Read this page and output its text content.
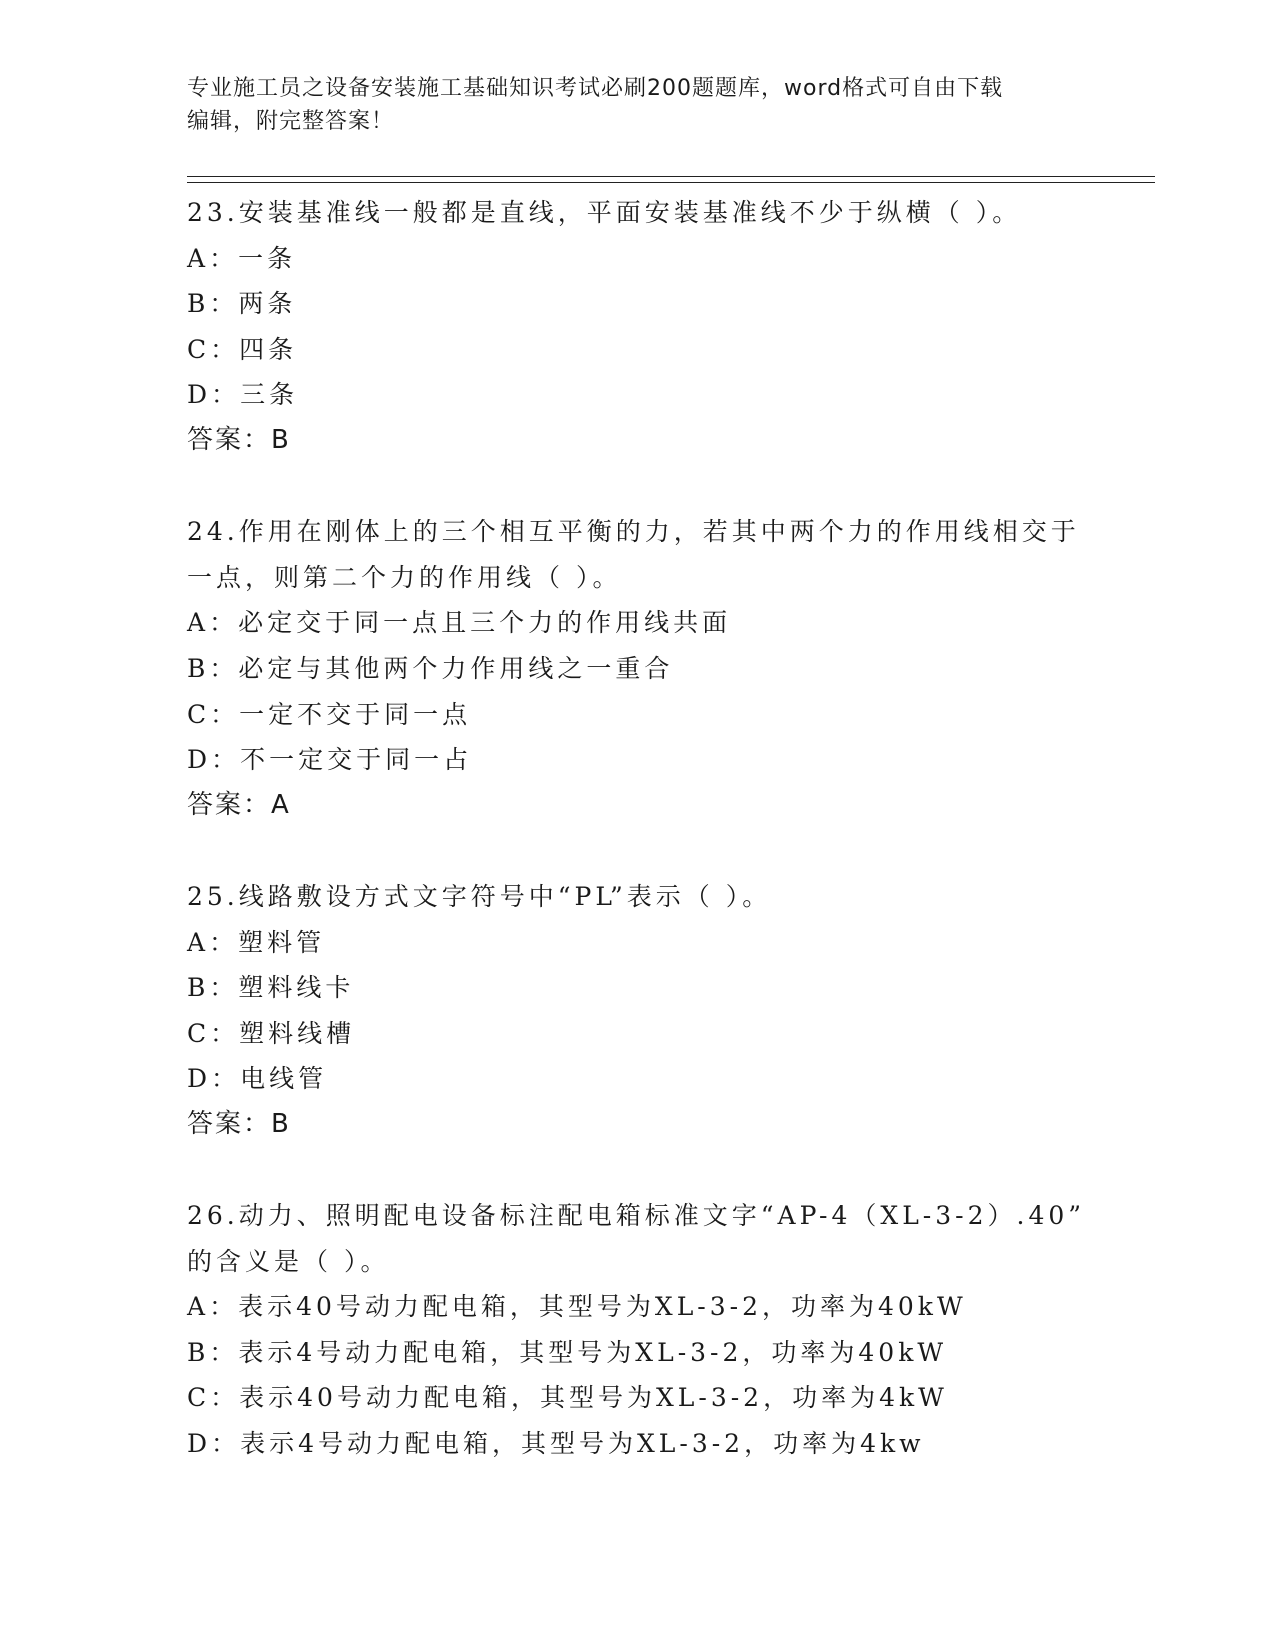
专业施工员之设备安装施工基础知识考试必刷200题题库，word格式可自由下载
编辑，附完整答案！
23.安装基准线一般都是直线，平面安装基准线不少于纵横（ ）。
A：一条
B：两条
C：四条
D：三条
答案：B
24.作用在刚体上的三个相互平衡的力，若其中两个力的作用线相交于
一点，则第二个力的作用线（ ）。
A：必定交于同一点且三个力的作用线共面
B：必定与其他两个力作用线之一重合
C：一定不交于同一点
D：不一定交于同一占
答案：A
25.线路敷设方式文字符号中“PL”表示（ ）。
A：塑料管
B：塑料线卡
C：塑料线槽
D：电线管
答案：B
26.动力、照明配电设备标注配电箱标准文字“AP-4（XL-3-2）.40”
的含义是（ ）。
A：表示40号动力配电箱，其型号为XL-3-2，功率为40kW
B：表示4号动力配电箱，其型号为XL-3-2，功率为40kW
C：表示40号动力配电箱，其型号为XL-3-2，功率为4kW
D：表示4号动力配电箱，其型号为XL-3-2，功率为4kw
